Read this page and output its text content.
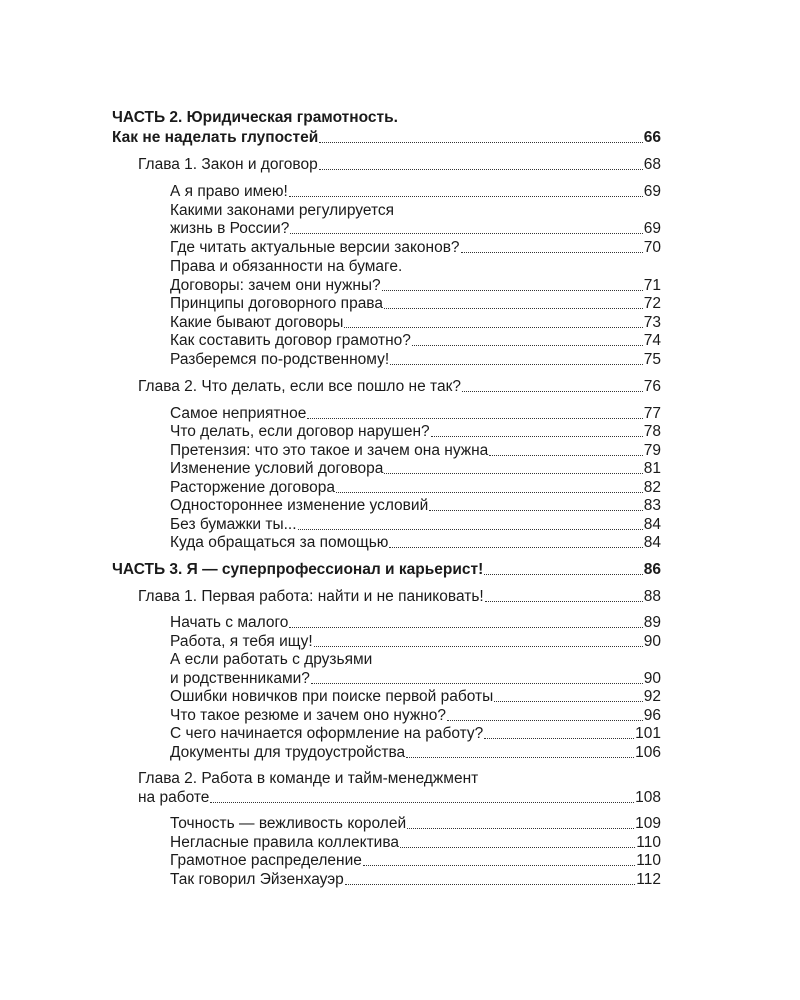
ЧАСТЬ 2. Юридическая грамотность.
Как не наделать глупостей	66
Глава 1. Закон и договор	68
А я право имею!	69
Какими законами регулируется
жизнь в России?	69
Где читать актуальные версии законов?	70
Права и обязанности на бумаге.
Договоры: зачем они нужны?	71
Принципы договорного права	72
Какие бывают договоры	73
Как составить договор грамотно?	74
Разберемся по-родственному!	75
Глава 2. Что делать, если все пошло не так?	76
Самое неприятное	77
Что делать, если договор нарушен?	78
Претензия: что это такое и зачем она нужна	79
Изменение условий договора	81
Расторжение договора	82
Одностороннее изменение условий	83
Без бумажки ты...	84
Куда обращаться за помощью	84
ЧАСТЬ 3. Я — суперпрофессионал и карьерист!	86
Глава 1. Первая работа: найти и не паниковать!	88
Начать с малого	89
Работа, я тебя ищу!	90
А если работать с друзьями
и родственниками?	90
Ошибки новичков при поиске первой работы	92
Что такое резюме и зачем оно нужно?	96
С чего начинается оформление на работу?	101
Документы для трудоустройства	106
Глава 2. Работа в команде и тайм-менеджмент
на работе	108
Точность — вежливость королей	109
Негласные правила коллектива	110
Грамотное распределение	110
Так говорил Эйзенхауэр	112
